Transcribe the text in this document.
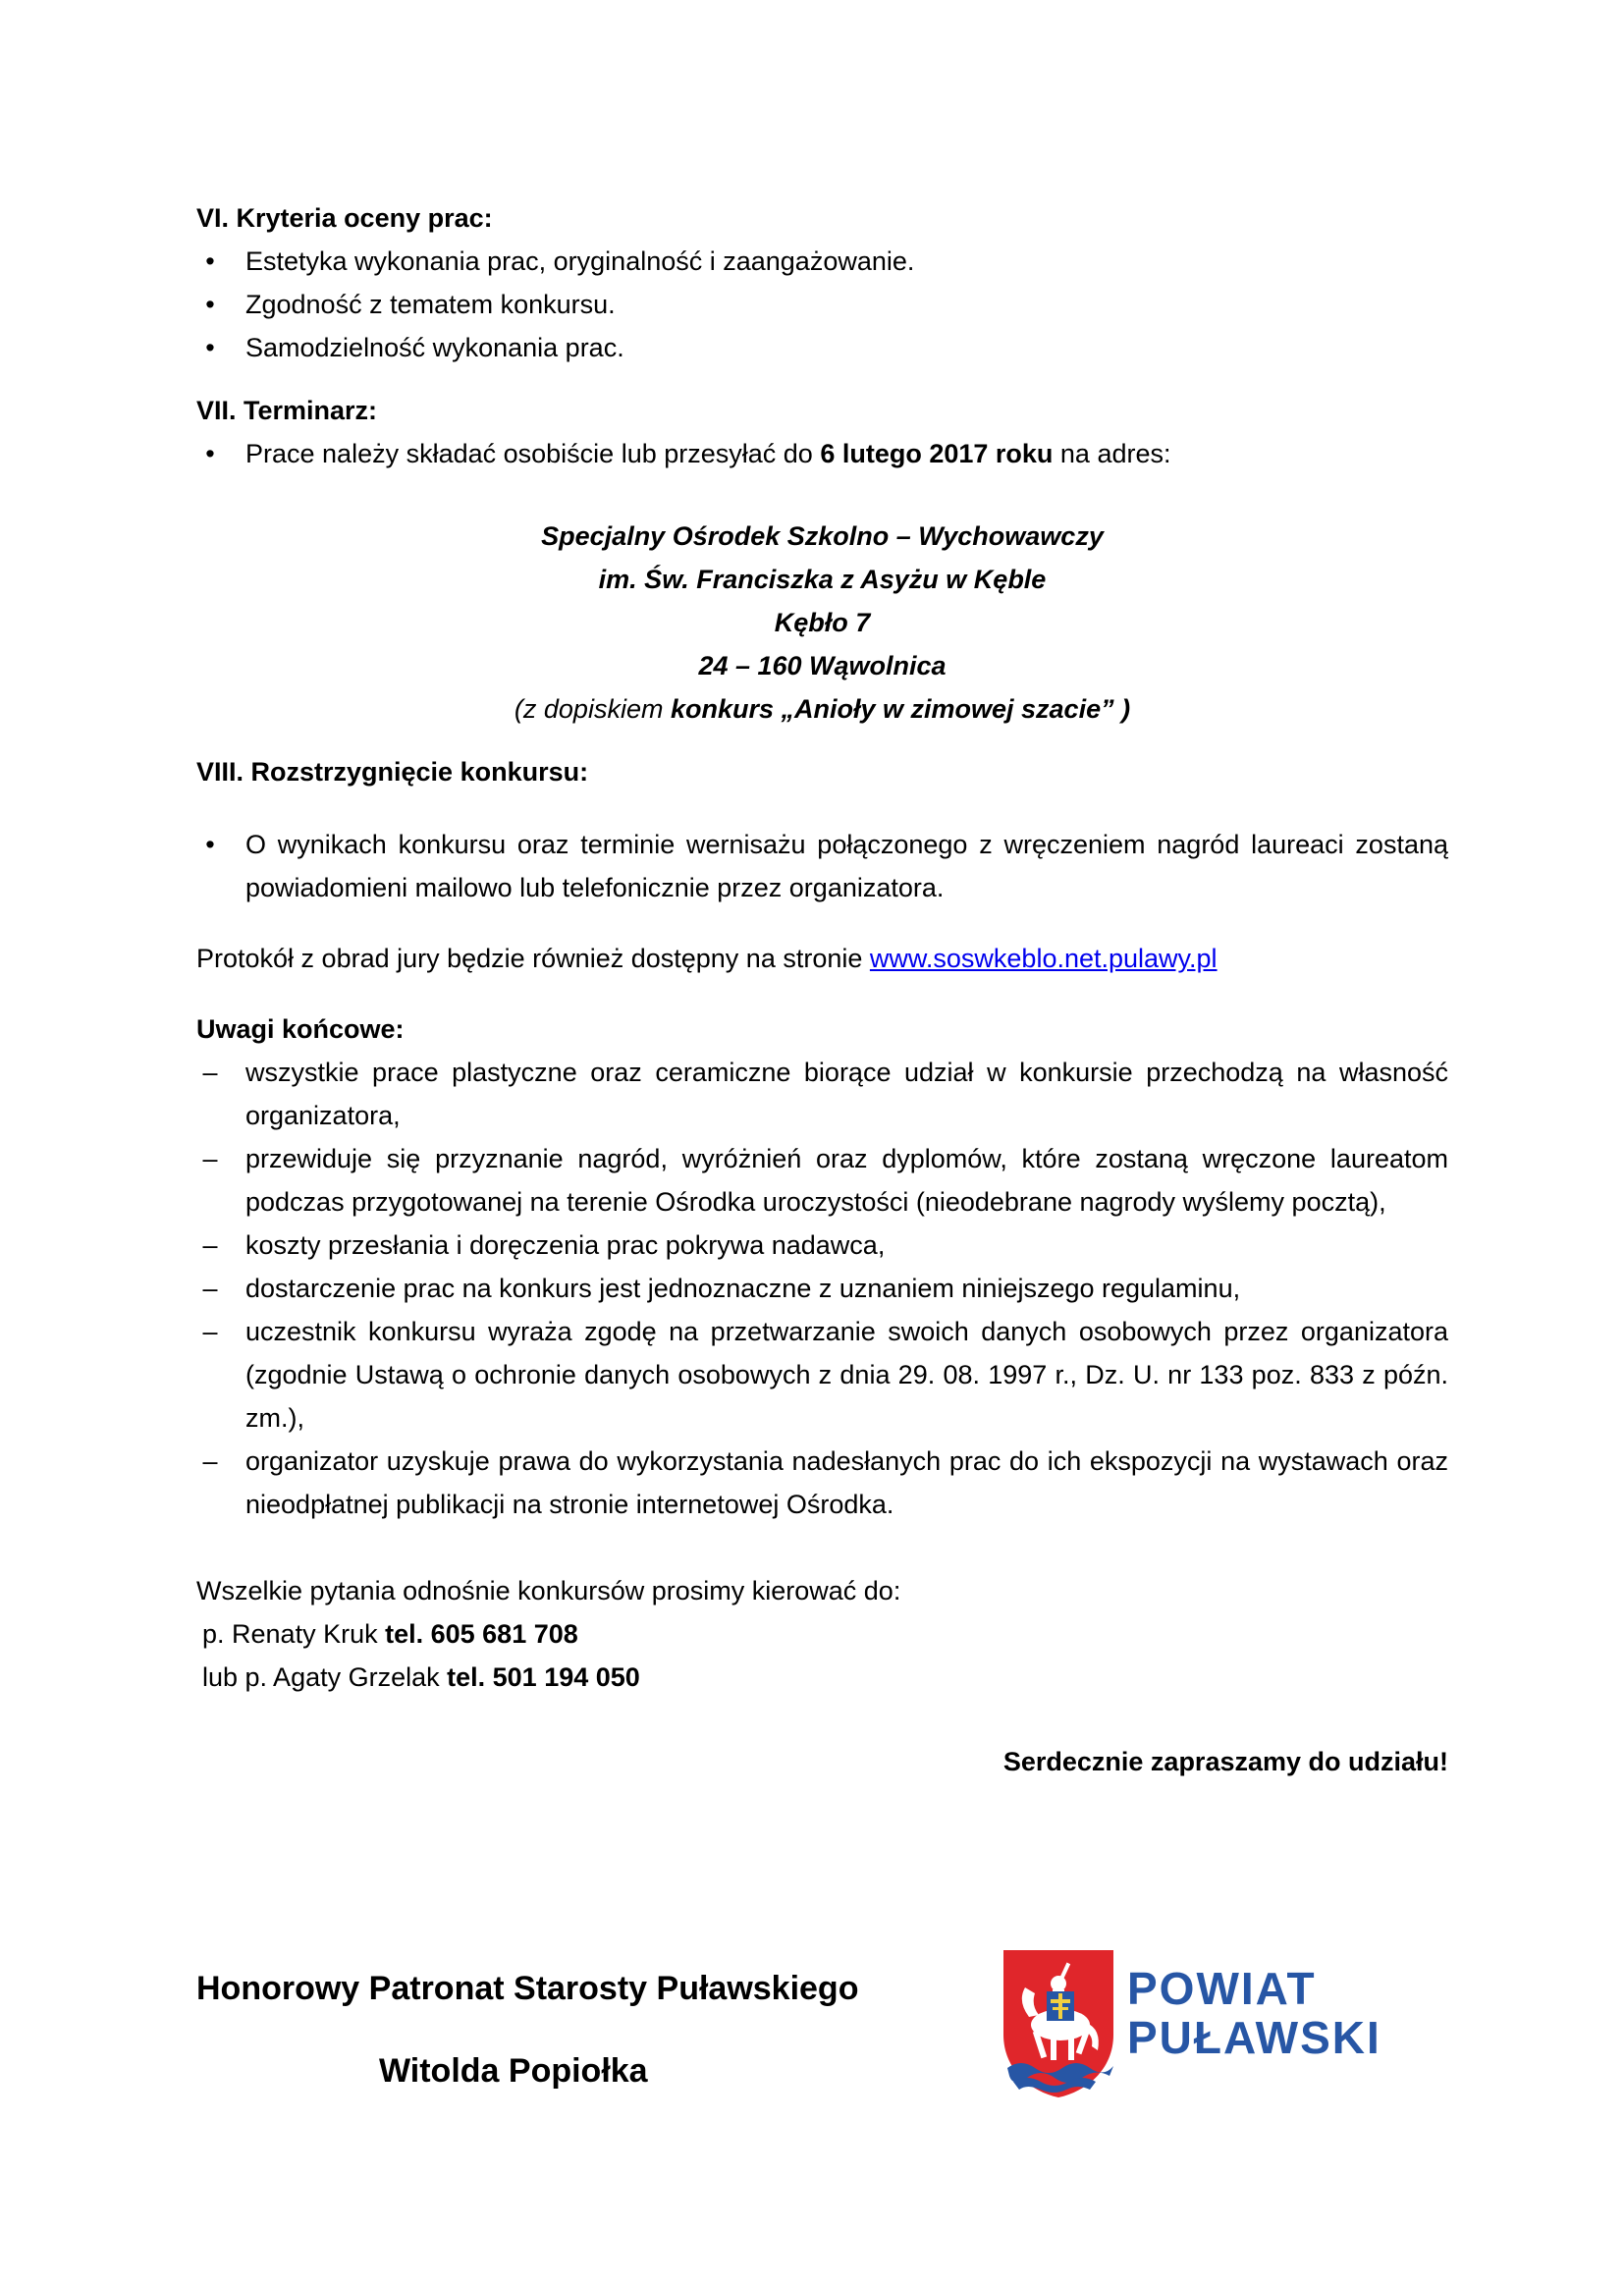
VI. Kryteria oceny prac:

• Estetyka wykonania prac, oryginalność i zaangażowanie.
• Zgodność z tematem konkursu.
• Samodzielność wykonania prac.

VII. Terminarz:

• Prace należy składać osobiście lub przesyłać do 6 lutego 2017 roku na adres:

Specjalny Ośrodek Szkolno – Wychowawczy

im. Św. Franciszka z Asyżu w Kęble

Kębło 7

24 – 160 Wąwolnica

(z dopiskiem konkurs „Anioły w zimowej szacie” )

VIII. Rozstrzygnięcie konkursu:

• O wynikach konkursu oraz terminie wernisażu połączonego z wręczeniem nagród laureaci zostaną powiadomieni mailowo lub telefonicznie przez organizatora.

Protokół z obrad jury będzie również dostępny na stronie www.soswkeblo.net.pulawy.pl

Uwagi końcowe:

– wszystkie prace plastyczne oraz ceramiczne biorące udział w konkursie przechodzą na własność organizatora,
– przewiduje się przyznanie nagród, wyróżnień oraz dyplomów, które zostaną wręczone laureatom podczas przygotowanej na terenie Ośrodka uroczystości (nieodebrane nagrody wyślemy pocztą),
– koszty przesłania i doręczenia prac pokrywa nadawca,
– dostarczenie prac na konkurs jest jednoznaczne z uznaniem niniejszego regulaminu,
– uczestnik konkursu wyraża zgodę na przetwarzanie swoich danych osobowych przez organizatora (zgodnie Ustawą o ochronie danych osobowych z dnia 29. 08. 1997 r., Dz. U. nr 133 poz. 833 z późn. zm.),
– organizator uzyskuje prawa do wykorzystania nadesłanych prac do ich ekspozycji na wystawach oraz nieodpłatnej publikacji na stronie internetowej Ośrodka.

Wszelkie pytania odnośnie konkursów prosimy kierować do:

p. Renaty Kruk tel. 605 681 708

lub p. Agaty Grzelak tel. 501 194 050

Serdecznie zapraszamy do udziału!

Honorowy Patronat Starosty Puławskiego
Witolda Popiołka
POWIAT
PUŁAWSKI
